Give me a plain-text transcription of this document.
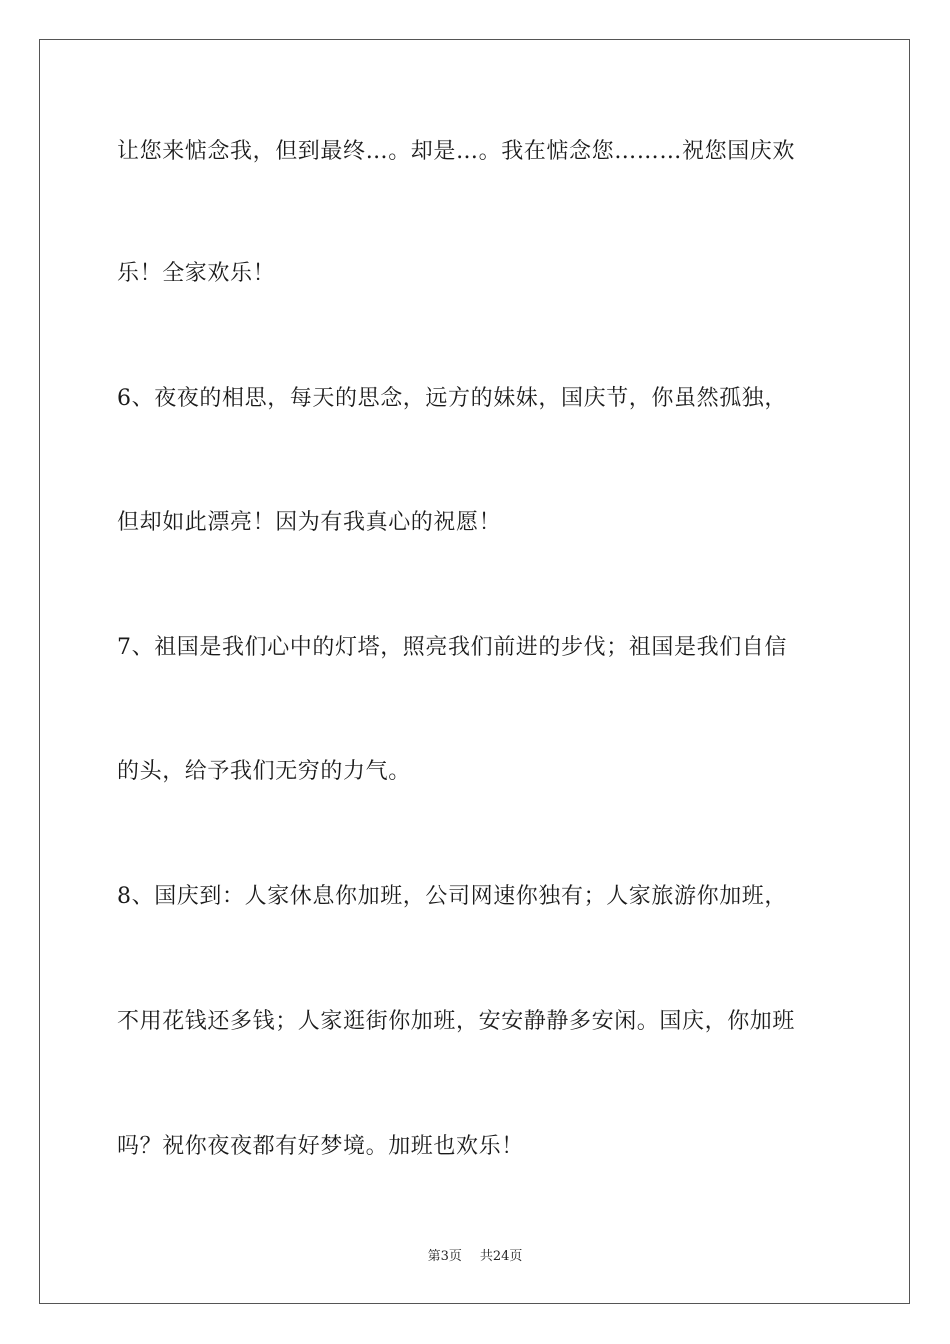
让您来惦念我，但到最终…。却是…。我在惦念您………祝您国庆欢
乐！全家欢乐！
6、夜夜的相思，每天的思念，远方的妹妹，国庆节，你虽然孤独，
但却如此漂亮！因为有我真心的祝愿！
7、祖国是我们心中的灯塔，照亮我们前进的步伐；祖国是我们自信
的头，给予我们无穷的力气。
8、国庆到：人家休息你加班，公司网速你独有；人家旅游你加班，
不用花钱还多钱；人家逛街你加班，安安静静多安闲。国庆，你加班
吗？祝你夜夜都有好梦境。加班也欢乐！
第3页 共24页
